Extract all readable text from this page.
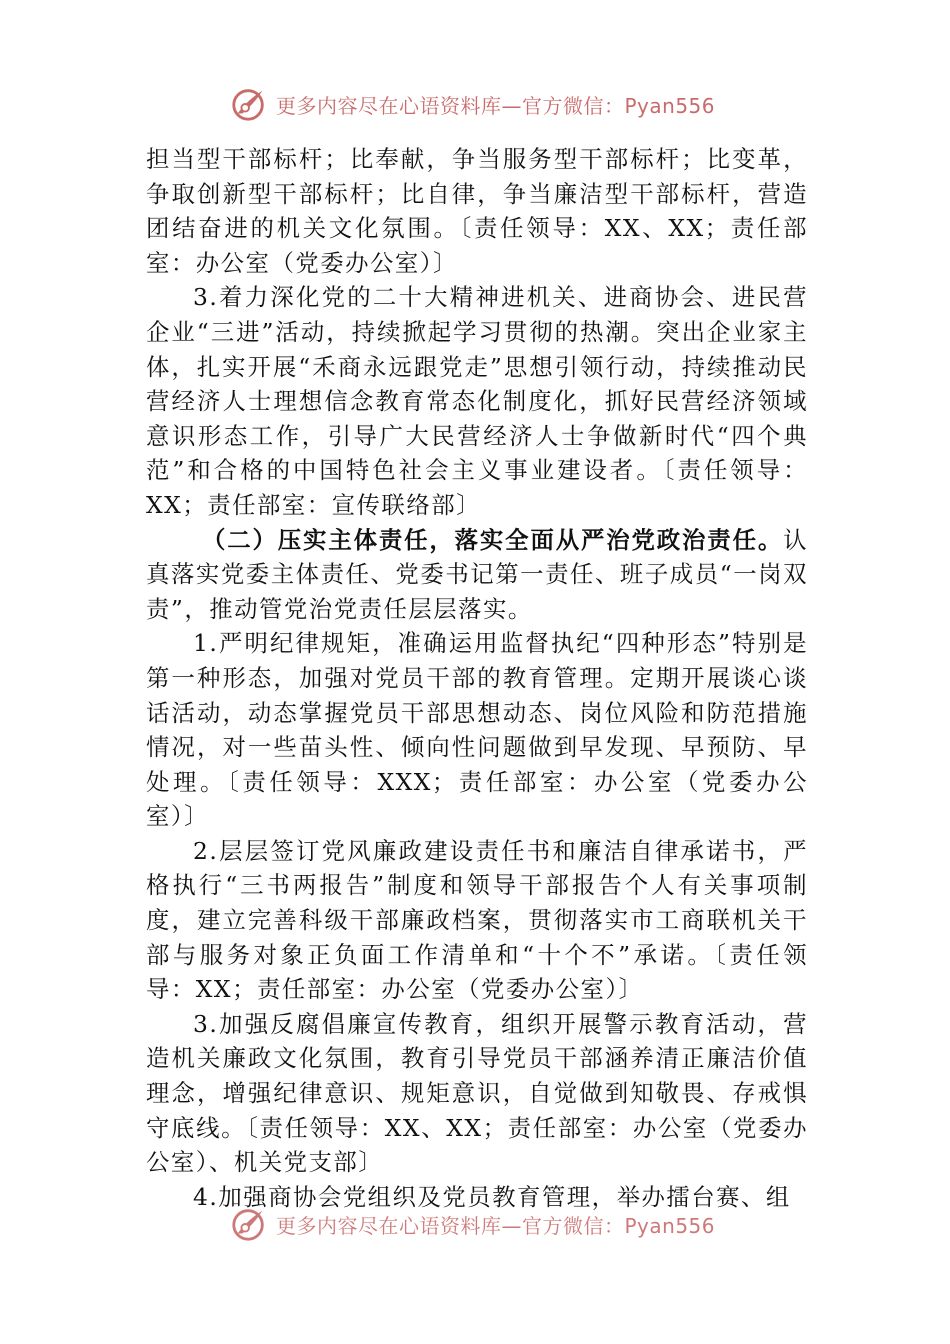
更多内容尽在心语资料库—官方微信：Pyan556

担当型干部标杆；比奉献，争当服务型干部标杆；比变革，争取创新型干部标杆；比自律，争当廉洁型干部标杆，营造团结奋进的机关文化氛围。〔责任领导：XX、XX；责任部室：办公室（党委办公室）〕

3.着力深化党的二十大精神进机关、进商协会、进民营企业“三进”活动，持续掀起学习贯彻的热潮。突出企业家主体，扎实开展“禾商永远跟党走”思想引领行动，持续推动民营经济人士理想信念教育常态化制度化，抓好民营经济领域意识形态工作，引导广大民营经济人士争做新时代“四个典范”和合格的中国特色社会主义事业建设者。〔责任领导：XX；责任部室：宣传联络部〕

（二）压实主体责任，落实全面从严治党政治责任。认真落实党委主体责任、党委书记第一责任、班子成员“一岗双责”，推动管党治党责任层层落实。

1.严明纪律规矩，准确运用监督执纪“四种形态”特别是第一种形态，加强对党员干部的教育管理。定期开展谈心谈话活动，动态掌握党员干部思想动态、岗位风险和防范措施情况，对一些苗头性、倾向性问题做到早发现、早预防、早处理。〔责任领导：XXX；责任部室：办公室（党委办公室）〕

2.层层签订党风廉政建设责任书和廉洁自律承诺书，严格执行“三书两报告”制度和领导干部报告个人有关事项制度，建立完善科级干部廉政档案，贯彻落实市工商联机关干部与服务对象正负面工作清单和“十个不”承诺。〔责任领导：XX；责任部室：办公室（党委办公室）〕

3.加强反腐倡廉宣传教育，组织开展警示教育活动，营造机关廉政文化氛围，教育引导党员干部涵养清正廉洁价值理念，增强纪律意识、规矩意识，自觉做到知敬畏、存戒惧守底线。〔责任领导：XX、XX；责任部室：办公室（党委办公室）、机关党支部〕

4.加强商协会党组织及党员教育管理，举办擂台赛、组

更多内容尽在心语资料库—官方微信：Pyan556
